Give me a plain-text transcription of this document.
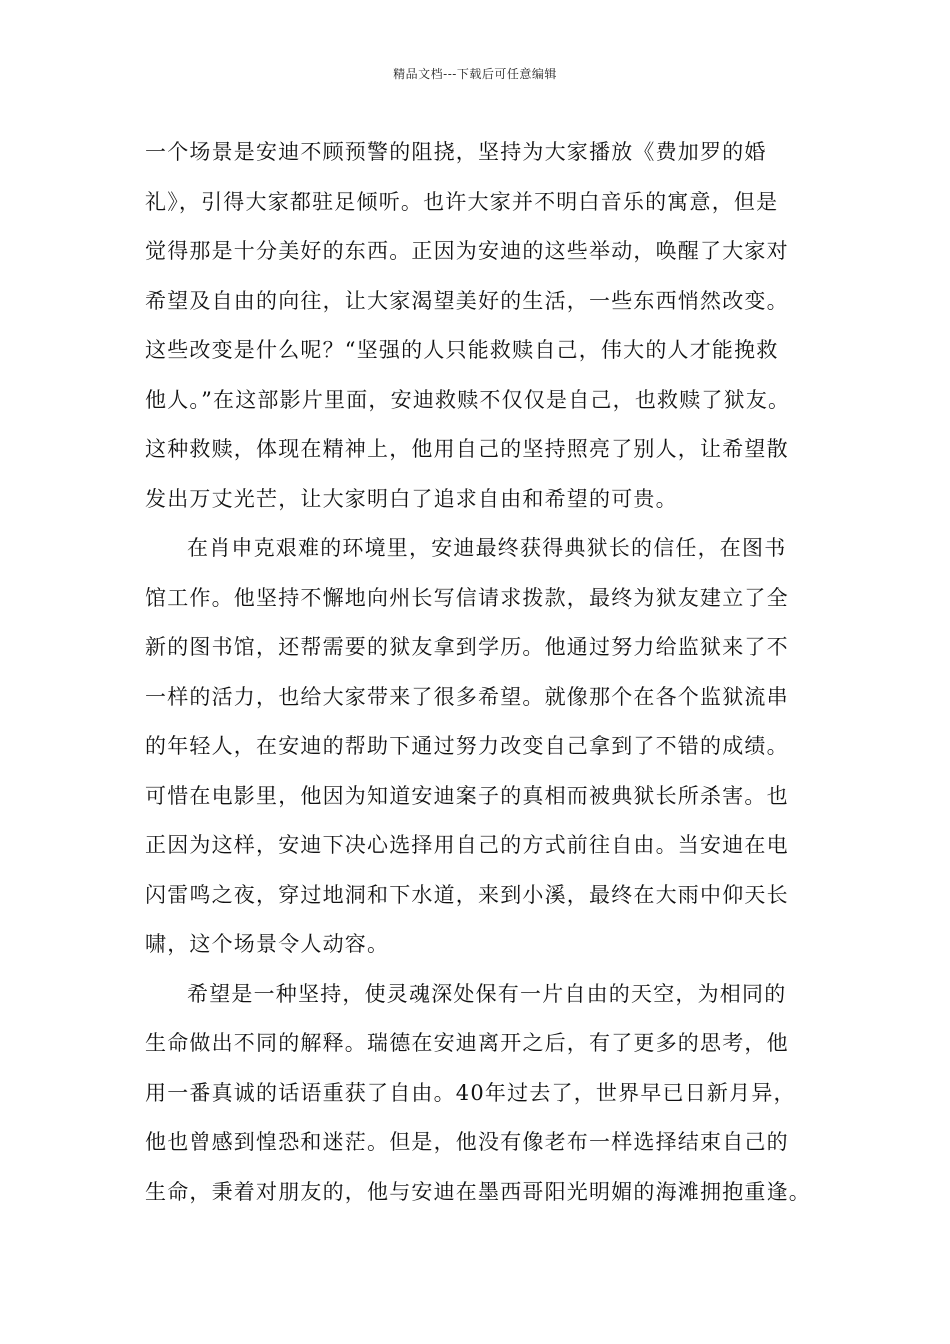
精品文档---下载后可任意编辑
一个场景是安迪不顾预警的阻挠，坚持为大家播放《费加罗的婚
礼》，引得大家都驻足倾听。也许大家并不明白音乐的寓意，但是
觉得那是十分美好的东西。正因为安迪的这些举动，唤醒了大家对
希望及自由的向往，让大家渴望美好的生活，一些东西悄然改变。
这些改变是什么呢？“坚强的人只能救赎自己，伟大的人才能挽救
他人。”在这部影片里面，安迪救赎不仅仅是自己，也救赎了狱友。
这种救赎，体现在精神上，他用自己的坚持照亮了别人，让希望散
发出万丈光芒，让大家明白了追求自由和希望的可贵。
在肖申克艰难的环境里，安迪最终获得典狱长的信任，在图书
馆工作。他坚持不懈地向州长写信请求拨款，最终为狱友建立了全
新的图书馆，还帮需要的狱友拿到学历。他通过努力给监狱来了不
一样的活力，也给大家带来了很多希望。就像那个在各个监狱流串
的年轻人，在安迪的帮助下通过努力改变自己拿到了不错的成绩。
可惜在电影里，他因为知道安迪案子的真相而被典狱长所杀害。也
正因为这样，安迪下决心选择用自己的方式前往自由。当安迪在电
闪雷鸣之夜，穿过地洞和下水道，来到小溪，最终在大雨中仰天长
啸，这个场景令人动容。
希望是一种坚持，使灵魂深处保有一片自由的天空，为相同的
生命做出不同的解释。瑞德在安迪离开之后，有了更多的思考，他
用一番真诚的话语重获了自由。40年过去了，世界早已日新月异，
他也曾感到惶恐和迷茫。但是，他没有像老布一样选择结束自己的
生命，秉着对朋友的，他与安迪在墨西哥阳光明媚的海滩拥抱重逢。
